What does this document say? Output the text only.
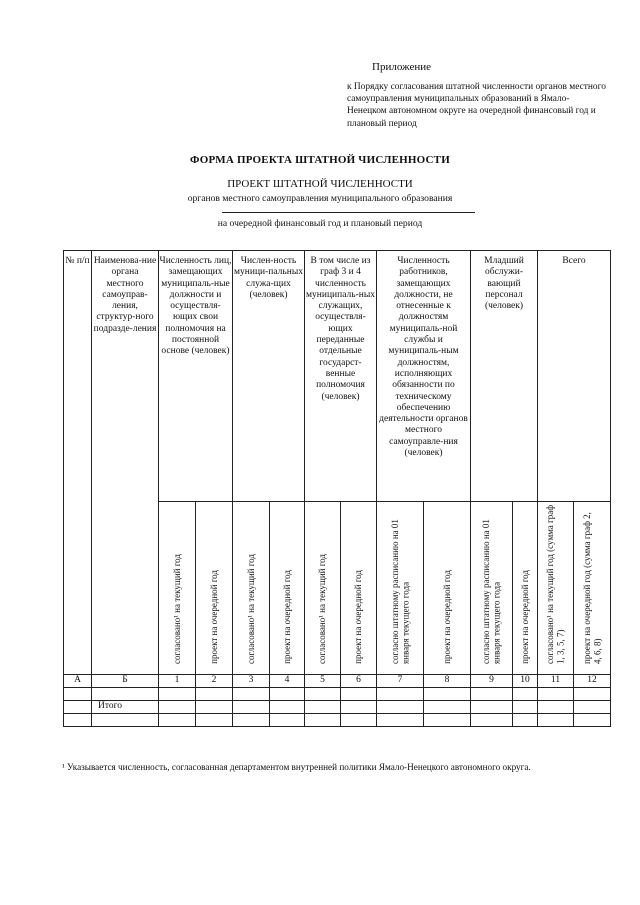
Приложение
к Порядку согласования штатной численности органов местного самоуправления муниципальных образований в Ямало-Ненецком автономном округе на очередной финансовый год и плановый период
ФОРМА ПРОЕКТА ШТАТНОЙ ЧИСЛЕННОСТИ
ПРОЕКТ ШТАТНОЙ ЧИСЛЕННОСТИ
органов местного самоуправления муниципального образования
на очередной финансовый год и плановый период
№ п/п	Наименова-ние органа местного самоуправ-ления, структур-ного подразде-ления	Численность лиц, замещающих муниципаль-ные должности и осуществля-ющих свои полномочия на постоянной основе (человек)		Числен-ность муници-пальных служа-щих (человек)		В том числе из граф 3 и 4 численность муниципаль-ных служащих, осуществля-ющих переданные отдельные государст-венные полномочия (человек)		Численность работников, замещающих должности, не отнесенные к должностям муниципаль-ной службы и муниципаль-ным должностям, исполняющих обязанности по техническому обеспечению деятельности органов местного самоуправле-ния (человек)		Младший обслужи-вающий персонал (человек)		Всего	
		согласовано¹ на текущий год	проект на очередной год	согласовано¹ на текущий год	проект на очередной год	согласовано¹ на текущий год	проект на очередной год	согласно штатному расписанию на 01 января текущего года	проект на очередной год	согласно штатному расписанию на 01 января текущего года	проект на очередной год	согласовано¹ на текущий год (сумма граф 1, 3, 5, 7)	проект на очередной год (сумма граф 2, 4, 6, 8)
А	Б	1	2	3	4	5	6	7	8	9	10	11	12

	Итого												

¹ Указывается численность, согласованная департаментом внутренней политики Ямало-Ненецкого автономного округа.
